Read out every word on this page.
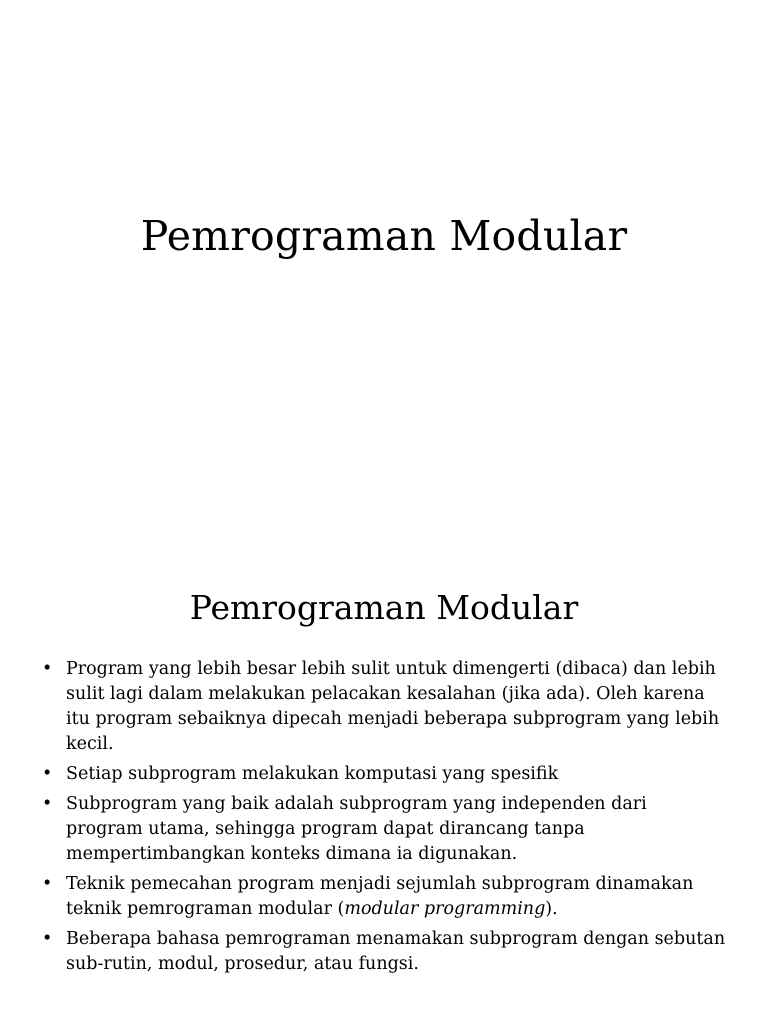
Pemrograman Modular
Pemrograman Modular
• Program yang lebih besar lebih sulit untuk dimengerti (dibaca) dan lebih sulit lagi dalam melakukan pelacakan kesalahan (jika ada). Oleh karena itu program sebaiknya dipecah menjadi beberapa subprogram yang lebih kecil.
• Setiap subprogram melakukan komputasi yang spesifik
• Subprogram yang baik adalah subprogram yang independen dari program utama, sehingga program dapat dirancang tanpa mempertimbangkan konteks dimana ia digunakan.
• Teknik pemecahan program menjadi sejumlah subprogram dinamakan teknik pemrograman modular (modular programming).
• Beberapa bahasa pemrograman menamakan subprogram dengan sebutan sub-rutin, modul, prosedur, atau fungsi.
